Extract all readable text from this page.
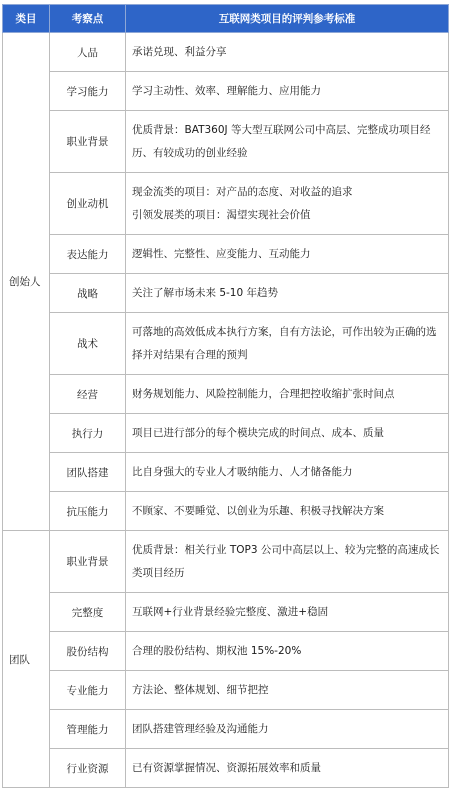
类目	考察点	互联网类项目的评判参考标准
创始人	人品	承诺兑现、利益分享
	学习能力	学习主动性、效率、理解能力、应用能力
	职业背景	优质背景：BAT360J 等大型互联网公司中高层、完整成功项目经历、有较成功的创业经验
	创业动机	现金流类的项目：对产品的态度、对收益的追求
引领发展类的项目：渴望实现社会价值

	表达能力	逻辑性、完整性、应变能力、互动能力
	战略	关注了解市场未来 5-10 年趋势
	战术	可落地的高效低成本执行方案，自有方法论，可作出较为正确的选择并对结果有合理的预判
	经营	财务规划能力、风险控制能力，合理把控收缩扩张时间点
	执行力	项目已进行部分的每个模块完成的时间点、成本、质量
	团队搭建	比自身强大的专业人才吸纳能力、人才储备能力
	抗压能力	不顾家、不要睡觉、以创业为乐趣、积极寻找解决方案
团队	职业背景	优质背景：相关行业 TOP3 公司中高层以上、较为完整的高速成长类项目经历
	完整度	互联网+行业背景经验完整度、激进+稳固
	股份结构	合理的股份结构、期权池 15%-20%
	专业能力	方法论、整体规划、细节把控
	管理能力	团队搭建管理经验及沟通能力
	行业资源	已有资源掌握情况、资源拓展效率和质量
